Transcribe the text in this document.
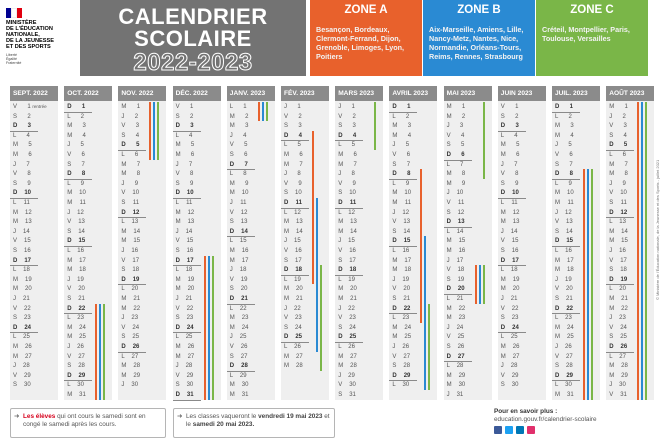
MINISTÈRE
DE L'ÉDUCATION
NATIONALE,
DE LA JEUNESSE
ET DES SPORTS
Liberté
Égalité
Fraternité
CALENDRIER
SCOLAIRE
2022-2023
ZONE A
Besançon, Bordeaux, Clermont-Ferrand, Dijon, Grenoble, Limoges, Lyon, Poitiers
ZONE B
Aix-Marseille, Amiens, Lille, Nancy-Metz, Nantes, Nice, Normandie, Orléans-Tours, Reims, Rennes, Strasbourg
ZONE C
Créteil, Montpellier, Paris, Toulouse, Versailles
SEPT. 2022
V 1 rentrée
S 2
D 3
L 4
M 5
M 6
J 7
V 8
S 9
D 10
L 11
M 12
M 13
J 14
V 15
S 16
D 17
L 18
M 19
M 20
J 21
V 22
S 23
D 24
L 25
M 26
M 27
J 28
V 29
S 30
OCT. 2022
D 1
L 2
M 3
M 4
J 5
V 6
S 7
D 8
L 9
M 10
M 11
J 12
V 13
S 14
D 15
L 16
M 17
M 18
J 19
V 20
S 21
D 22
L 23
M 24
M 25
J 26
V 27
S 28
D 29
L 30
M 31
NOV. 2022
M 1
J 2
V 3
S 4
D 5
L 6
M 7
M 8
J 9
V 10
S 11
D 12
L 13
M 14
M 15
J 16
V 17
S 18
D 19
L 20
M 21
M 22
J 23
V 24
S 25
D 26
L 27
M 28
M 29
J 30
DÉC. 2022
V 1
S 2
D 3
L 4
M 5
M 6
J 7
V 8
S 9
D 10
L 11
M 12
M 13
J 14
V 15
S 16
D 17
L 18
M 19
M 20
J 21
V 22
S 23
D 24
L 25
M 26
M 27
J 28
V 29
S 30
D 31
JANV. 2023
L 1
M 2
M 3
J 4
V 5
S 6
D 7
L 8
M 9
M 10
J 11
V 12
S 13
D 14
L 15
M 16
M 17
J 18
V 19
S 20
D 21
L 22
M 23
M 24
J 25
V 26
S 27
D 28
L 29
M 30
M 31
FÉV. 2023
J 1
V 2
S 3
D 4
L 5
M 6
M 7
J 8
V 9
S 10
D 11
L 12
M 13
M 14
J 15
V 16
S 17
D 18
L 19
M 20
M 21
J 22
V 23
S 24
D 25
L 26
M 27
M 28
MARS 2023
J 1
V 2
S 3
D 4
L 5
M 6
M 7
J 8
V 9
S 10
D 11
L 12
M 13
M 14
J 15
V 16
S 17
D 18
L 19
M 20
M 21
J 22
V 23
S 24
D 25
L 26
M 27
M 28
J 29
V 30
S 31
AVRIL 2023
D 1
L 2
M 3
M 4
J 5
V 6
S 7
D 8
L 9
M 10
M 11
J 12
V 13
S 14
D 15
L 16
M 17
M 18
J 19
V 20
S 21
D 22
L 23
M 24
M 25
J 26
V 27
S 28
D 29
L 30
MAI 2023
M 1
M 2
J 3
V 4
S 5
D 6
L 7
M 8
M 9
J 10
V 11
S 12
D 13
L 14
M 15
M 16
J 17
V 18
S 19
D 20
L 21
M 22
M 23
J 24
V 25
S 26
D 27
L 28
M 29
M 30
J 31
JUIN 2023
V 1
S 2
D 3
L 4
M 5
M 6
J 7
V 8
S 9
D 10
L 11
M 12
M 13
J 14
V 15
S 16
D 17
L 18
M 19
M 20
J 21
V 22
S 23
D 24
L 25
M 26
M 27
J 28
V 29
S 30
JUIL. 2023
D 1
L 2
M 3
M 4
J 5
V 6
S 7
D 8
L 9
M 10
M 11
J 12
V 13
S 14
D 15
L 16
M 17
M 18
J 19
V 20
S 21
D 22
L 23
M 24
M 25
J 26
V 27
S 28
D 29
L 30
M 31
AOÛT 2023
M 1
J 2
V 3
S 4
D 5
L 6
M 7
M 8
J 9
V 10
S 11
D 12
L 13
M 14
M 15
J 16
V 17
S 18
D 19
L 20
M 21
M 22
J 23
V 24
S 25
D 26
L 27
M 28
M 29
J 30
V 31
➜ Les élèves qui ont cours le samedi sont en congé le samedi après les cours.
➜ Les classes vaqueront le vendredi 19 mai 2023 et le samedi 20 mai 2023.
Pour en savoir plus :
education.gouv.fr/calendrier-scolaire
© Ministère de l'Éducation nationale, de la Jeunesse et des Sports - juillet 2021
